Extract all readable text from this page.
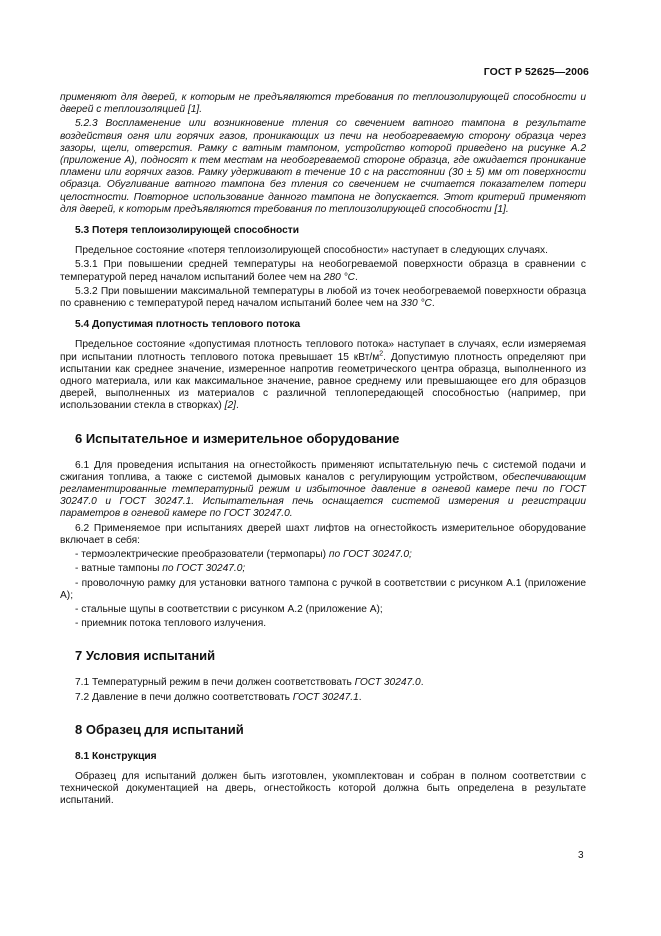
ГОСТ Р 52625—2006

применяют для дверей, к которым не предъявляются требования по теплоизолирующей способности и дверей с теплоизоляцией [1].

5.2.3 Воспламенение или возникновение тления со свечением ватного тампона в результате воздействия огня или горячих газов, проникающих из печи на необогреваемую сторону образца через зазоры, щели, отверстия. Рамку с ватным тампоном, устройство которой приведено на рисунке А.2 (приложение А), подносят к тем местам на необогреваемой стороне образца, где ожидается проникание пламени или горячих газов. Рамку удерживают в течение 10 с на расстоянии (30 ± 5) мм от поверхности образца. Обугливание ватного тампона без тления со свечением не считается показателем потери целостности. Повторное использование данного тампона не допускается. Этот критерий применяют для дверей, к которым предъявляются требования по теплоизолирующей способности [1].

5.3 Потеря теплоизолирующей способности

Предельное состояние «потеря теплоизолирующей способности» наступает в следующих случаях.

5.3.1 При повышении средней температуры на необогреваемой поверхности образца в сравнении с температурой перед началом испытаний более чем на 280 °С.

5.3.2 При повышении максимальной температуры в любой из точек необогреваемой поверхности образца по сравнению с температурой перед началом испытаний более чем на 330 °С.

5.4 Допустимая плотность теплового потока

Предельное состояние «допустимая плотность теплового потока» наступает в случаях, если измеряемая при испытании плотность теплового потока превышает 15 кВт/$м^2$. Допустимую плотность определяют при испытании как среднее значение, измеренное напротив геометрического центра образца, выполненного из одного материала, или как максимальное значение, равное среднему или превышающее его для образцов дверей, выполненных из материалов с различной теплопередающей способностью (например, при использовании стекла в створках) [2].

6 Испытательное и измерительное оборудование

6.1 Для проведения испытания на огнестойкость применяют испытательную печь с системой подачи и сжигания топлива, а также с системой дымовых каналов с регулирующим устройством, обеспечивающим регламентированные температурный режим и избыточное давление в огневой камере печи по ГОСТ 30247.0 и ГОСТ 30247.1. Испытательная печь оснащается системой измерения и регистрации параметров в огневой камере по ГОСТ 30247.0.

6.2 Применяемое при испытаниях дверей шахт лифтов на огнестойкость измерительное оборудование включает в себя:

- термоэлектрические преобразователи (термопары) по ГОСТ 30247.0;

- ватные тампоны по ГОСТ 30247.0;

- проволочную рамку для установки ватного тампона с ручкой в соответствии с рисунком А.1 (приложение А);

- стальные щупы в соответствии с рисунком А.2 (приложение А);

- приемник потока теплового излучения.

7 Условия испытаний

7.1 Температурный режим в печи должен соответствовать ГОСТ 30247.0.

7.2 Давление в печи должно соответствовать ГОСТ 30247.1.

8 Образец для испытаний

8.1 Конструкция

Образец для испытаний должен быть изготовлен, укомплектован и собран в полном соответствии с технической документацией на дверь, огнестойкость которой должна быть определена в результате испытаний.

3
